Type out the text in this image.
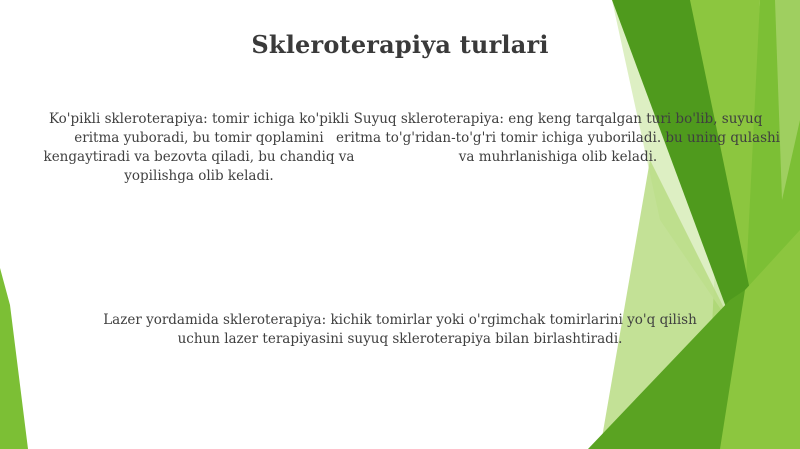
Skleroterapiya turlari
Ko'pikli skleroterapiya: tomir ichiga ko'pikli eritma yuboradi, bu tomir qoplamini kengaytiradi va bezovta qiladi, bu chandiq va yopilishga olib keladi.
Suyuq skleroterapiya: eng keng tarqalgan turi bo'lib, suyuq eritma to'g'ridan-to'g'ri tomir ichiga yuboriladi. bu uning qulashi va muhrlanishiga olib keladi.
Lazer yordamida skleroterapiya: kichik tomirlar yoki o'rgimchak tomirlarini yo'q qilish uchun lazer terapiyasini suyuq skleroterapiya bilan birlashtiradi.
